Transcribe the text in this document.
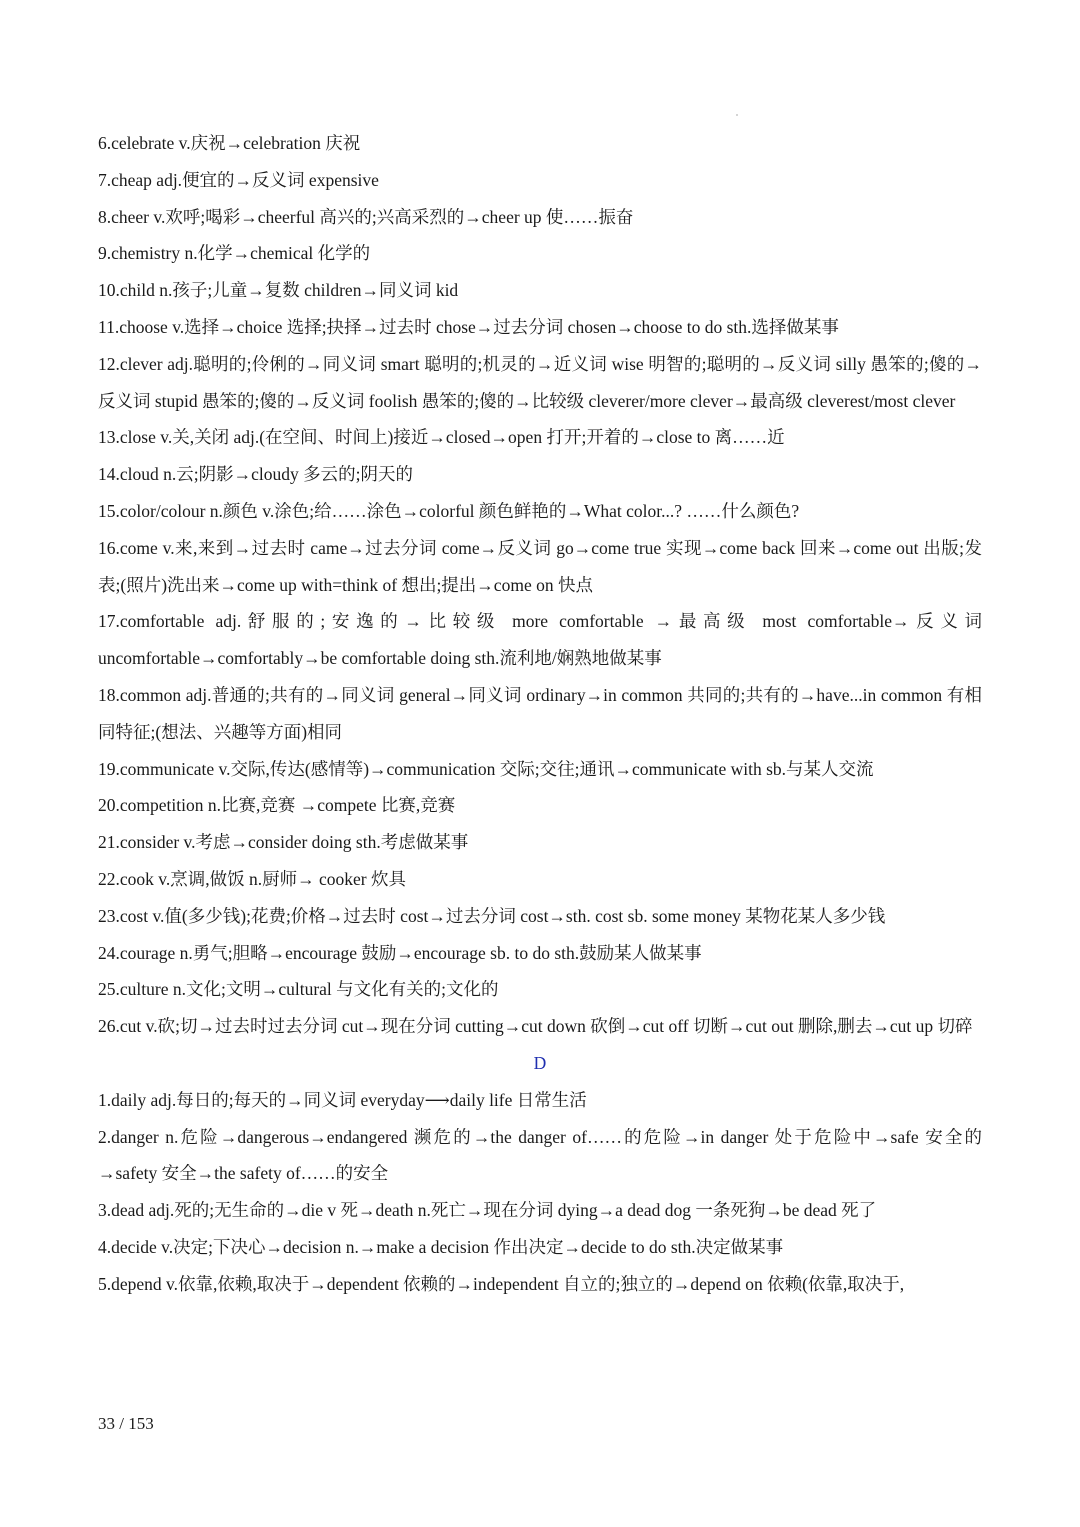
6.celebrate v.庆祝→celebration 庆祝

7.cheap adj.便宜的→反义词 expensive

8.cheer v.欢呼;喝彩→cheerful 高兴的;兴高采烈的→cheer up 使……振奋

9.chemistry n.化学→chemical 化学的

10.child n.孩子;儿童→复数 children→同义词 kid

11.choose v.选择→choice 选择;抉择→过去时 chose→过去分词 chosen→choose to do sth.选择做某事

12.clever adj.聪明的;伶俐的→同义词 smart 聪明的;机灵的→近义词 wise 明智的;聪明的→反义词 silly 愚笨的;傻的→反义词 stupid 愚笨的;傻的→反义词 foolish 愚笨的;傻的→比较级 cleverer/more clever→最高级 cleverest/most clever

13.close v.关,关闭 adj.(在空间、时间上)接近→closed→open 打开;开着的→close to 离……近

14.cloud n.云;阴影→cloudy 多云的;阴天的

15.color/colour n.颜色 v.涂色;给……涂色→colorful 颜色鲜艳的→What color...? ……什么颜色?

16.come v.来,来到→过去时 came→过去分词 come→反义词 go→come true 实现→come back 回来→come out 出版;发表;(照片)洗出来→come up with=think of 想出;提出→come on 快点

17.comfortable adj.舒服的;安逸的→比较级 more comfortable →最高级 most comfortable→反义词 uncomfortable→comfortably→be comfortable doing sth.流利地/娴熟地做某事

18.common adj.普通的;共有的→同义词 general→同义词 ordinary→in common 共同的;共有的→have...in common 有相同特征;(想法、兴趣等方面)相同

19.communicate v.交际,传达(感情等)→communication 交际;交往;通讯→communicate with sb.与某人交流

20.competition n.比赛,竞赛 →compete 比赛,竞赛

21.consider v.考虑→consider doing sth.考虑做某事

22.cook v.烹调,做饭 n.厨师→ cooker 炊具

23.cost v.值(多少钱);花费;价格→过去时 cost→过去分词 cost→sth. cost sb. some money 某物花某人多少钱

24.courage n.勇气;胆略→encourage 鼓励→encourage sb. to do sth.鼓励某人做某事

25.culture n.文化;文明→cultural 与文化有关的;文化的

26.cut v.砍;切→过去时过去分词 cut→现在分词 cutting→cut down 砍倒→cut off 切断→cut out 删除,删去→cut up 切碎

D

1.daily adj.每日的;每天的→同义词 everyday⟶daily life 日常生活

2.danger n.危险→dangerous→endangered 濒危的→the danger of……的危险→in danger 处于危险中→safe 安全的→safety 安全→the safety of……的安全

3.dead adj.死的;无生命的→die v 死→death n.死亡→现在分词 dying→a dead dog 一条死狗→be dead 死了

4.decide v.决定;下决心→decision n.→make a decision 作出决定→decide to do sth.决定做某事

5.depend v.依靠,依赖,取决于→dependent 依赖的→independent 自立的;独立的→depend on 依赖(依靠,取决于,

33 / 153
